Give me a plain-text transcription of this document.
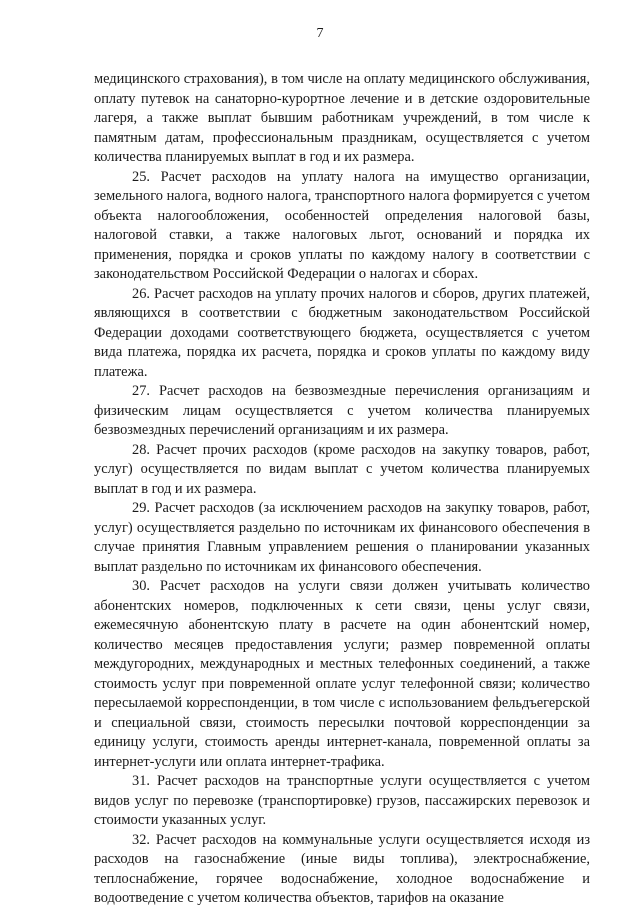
7

медицинского страхования), в том числе на оплату медицинского обслуживания, оплату путевок на санаторно-курортное лечение и в детские оздоровительные лагеря, а также выплат бывшим работникам учреждений, в том числе к памятным датам, профессиональным праздникам, осуществляется с учетом количества планируемых выплат в год и их размера.

25. Расчет расходов на уплату налога на имущество организации, земельного налога, водного налога, транспортного налога формируется с учетом объекта налогообложения, особенностей определения налоговой базы, налоговой ставки, а также налоговых льгот, оснований и порядка их применения, порядка и сроков уплаты по каждому налогу в соответствии с законодательством Российской Федерации о налогах и сборах.

26. Расчет расходов на уплату прочих налогов и сборов, других платежей, являющихся в соответствии с бюджетным законодательством Российской Федерации доходами соответствующего бюджета, осуществляется с учетом вида платежа, порядка их расчета, порядка и сроков уплаты по каждому виду платежа.

27. Расчет расходов на безвозмездные перечисления организациям и физическим лицам осуществляется с учетом количества планируемых безвозмездных перечислений организациям и их размера.

28. Расчет прочих расходов (кроме расходов на закупку товаров, работ, услуг) осуществляется по видам выплат с учетом количества планируемых выплат в год и их размера.

29. Расчет расходов (за исключением расходов на закупку товаров, работ, услуг) осуществляется раздельно по источникам их финансового обеспечения в случае принятия Главным управлением решения о планировании указанных выплат раздельно по источникам их финансового обеспечения.

30. Расчет расходов на услуги связи должен учитывать количество абонентских номеров, подключенных к сети связи, цены услуг связи, ежемесячную абонентскую плату в расчете на один абонентский номер, количество месяцев предоставления услуги; размер повременной оплаты междугородних, международных и местных телефонных соединений, а также стоимость услуг при повременной оплате услуг телефонной связи; количество пересылаемой корреспонденции, в том числе с использованием фельдъегерской и специальной связи, стоимость пересылки почтовой корреспонденции за единицу услуги, стоимость аренды интернет-канала, повременной оплаты за интернет-услуги или оплата интернет-трафика.

31. Расчет расходов на транспортные услуги осуществляется с учетом видов услуг по перевозке (транспортировке) грузов, пассажирских перевозок и стоимости указанных услуг.

32. Расчет расходов на коммунальные услуги осуществляется исходя из расходов на газоснабжение (иные виды топлива), электроснабжение, теплоснабжение, горячее водоснабжение, холодное водоснабжение и водоотведение с учетом количества объектов, тарифов на оказание
